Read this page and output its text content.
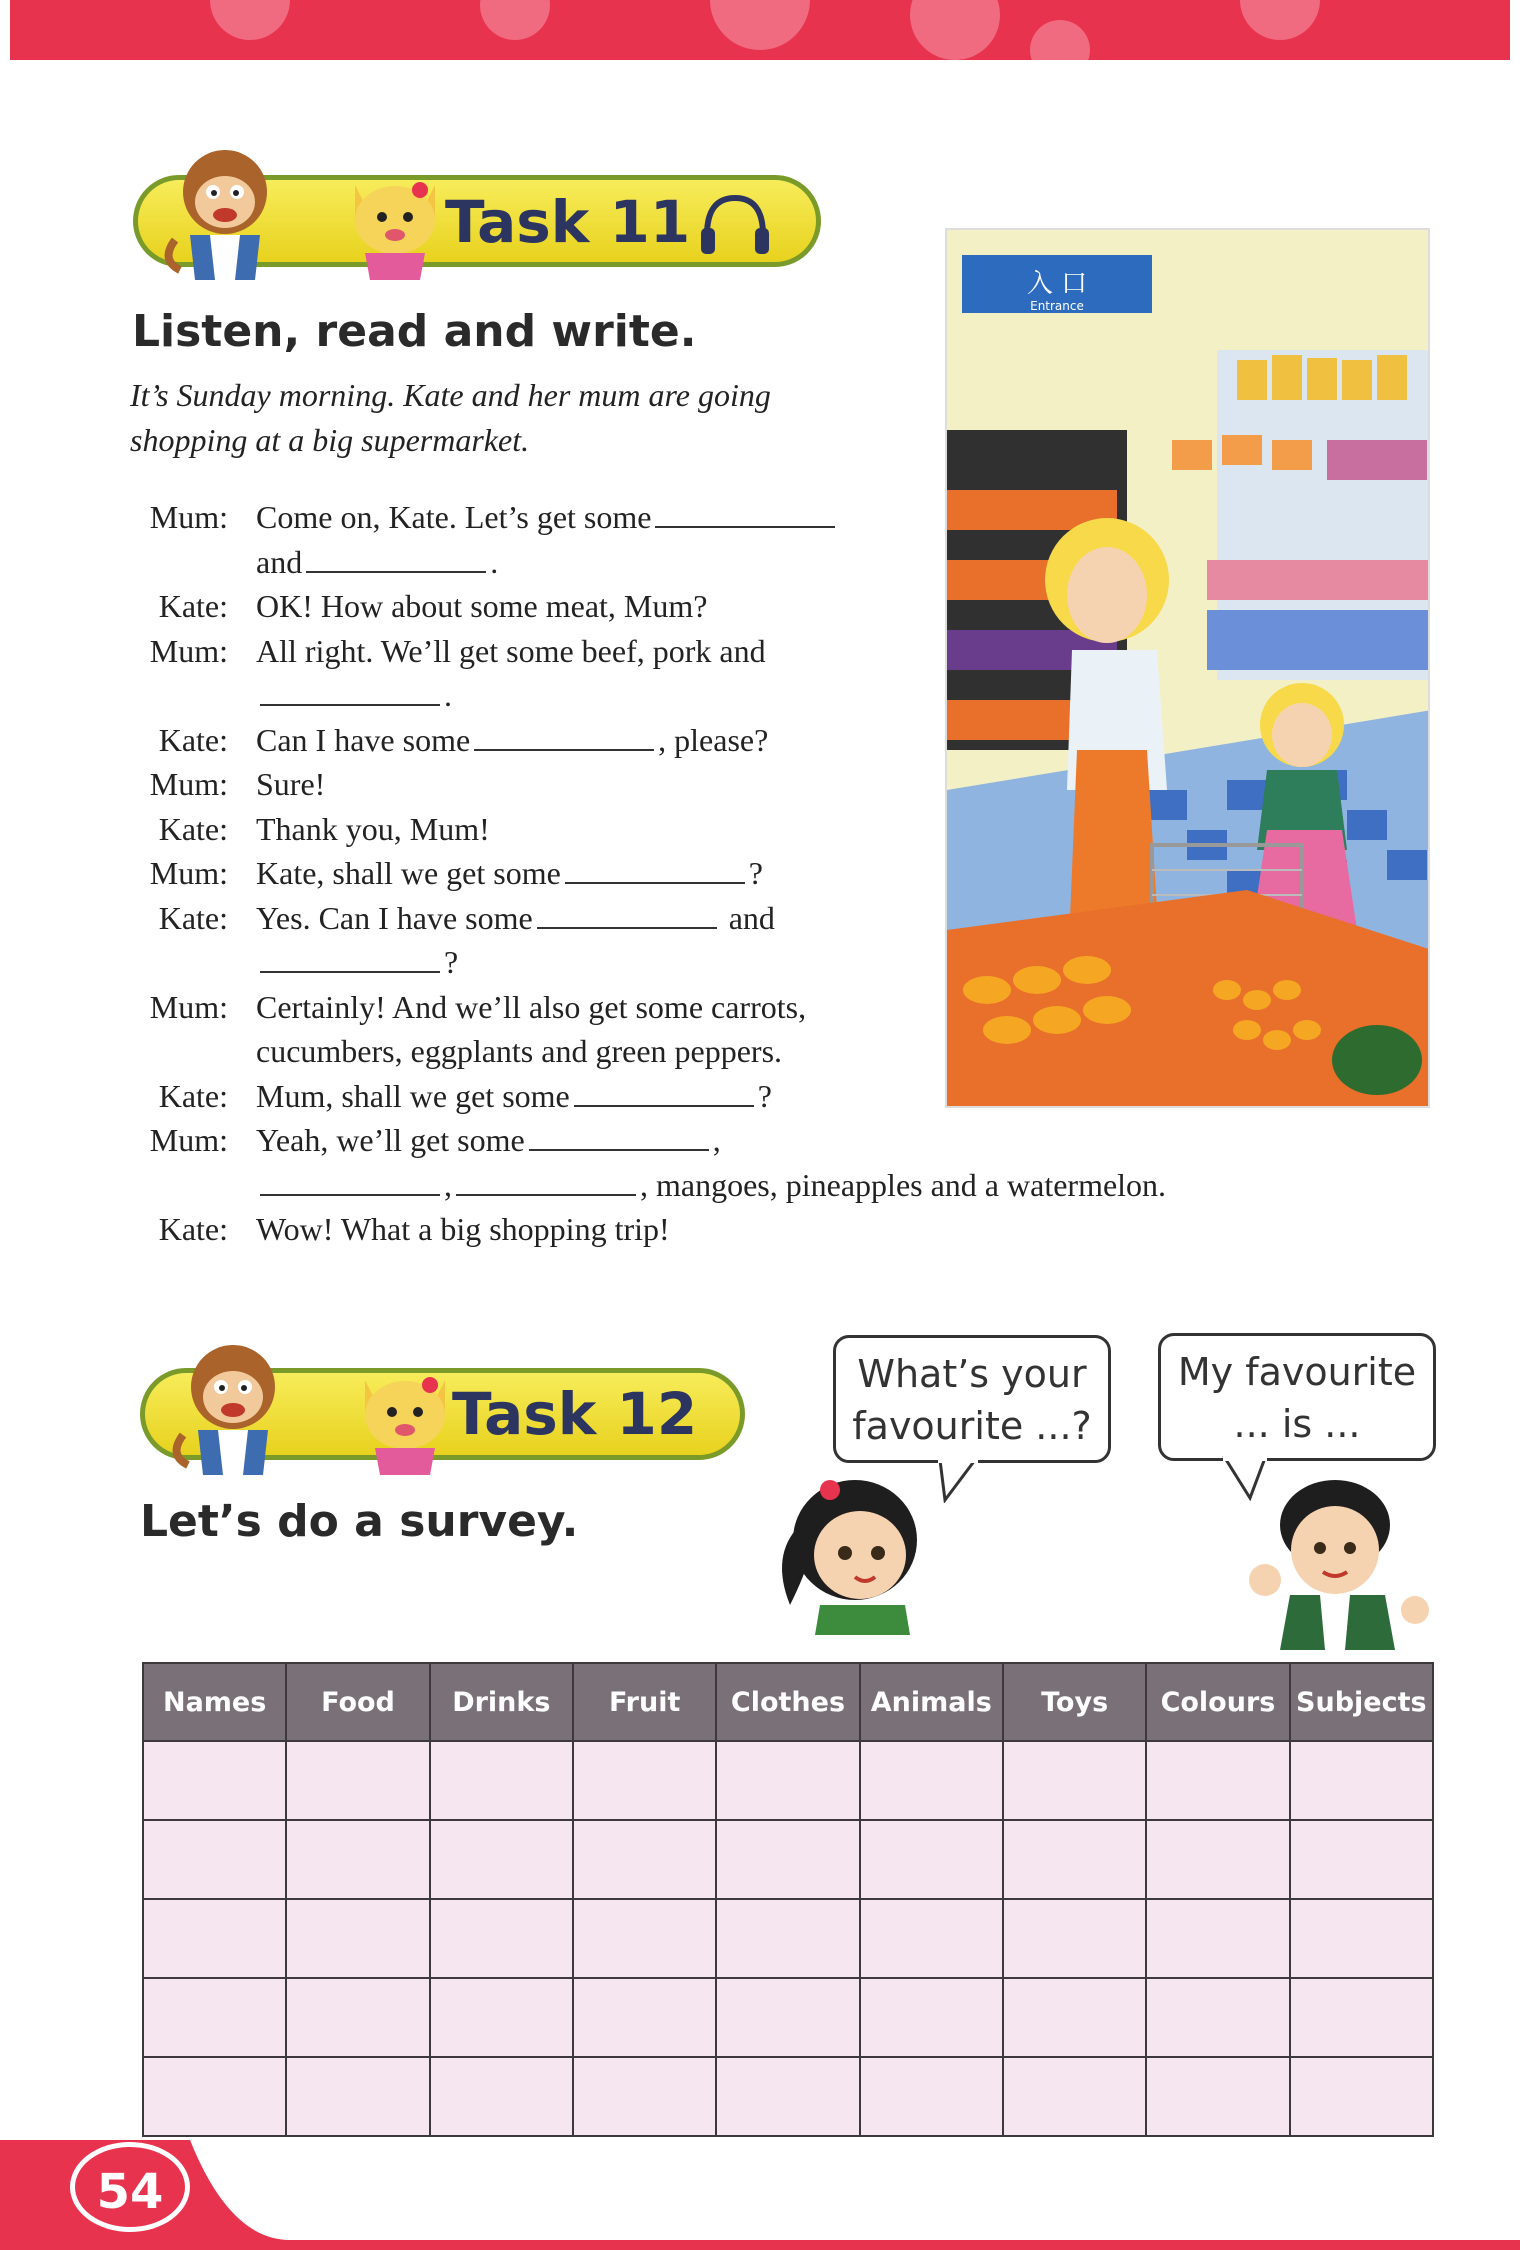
Task 11
Listen, read and write.
It’s Sunday morning. Kate and her mum are going
shopping at a big supermarket.
Mum: Come on, Kate. Let’s get some
and	.
Kate: OK! How about some meat, Mum?
Mum: All right. We’ll get some beef, pork and
.
Kate: Can I have some	, please?
Mum: Sure!
Kate: Thank you, Mum!
Mum: Kate, shall we get some	?
Kate: Yes. Can I have some	and
?
Mum: Certainly! And we’ll also get some carrots,
cucumbers, eggplants and green peppers.
Kate: Mum, shall we get some	?
Mum: Yeah, we’ll get some	,
,	, mangoes, pineapples and a watermelon.
Kate: Wow! What a big shopping trip!
入 口
Entrance
Task 12
Let’s do a survey.
What’s your
favourite ...?
My favourite
... is ...
Names	Food	Drinks	Fruit	Clothes	Animals	Toys	Colours	Subjects

54
